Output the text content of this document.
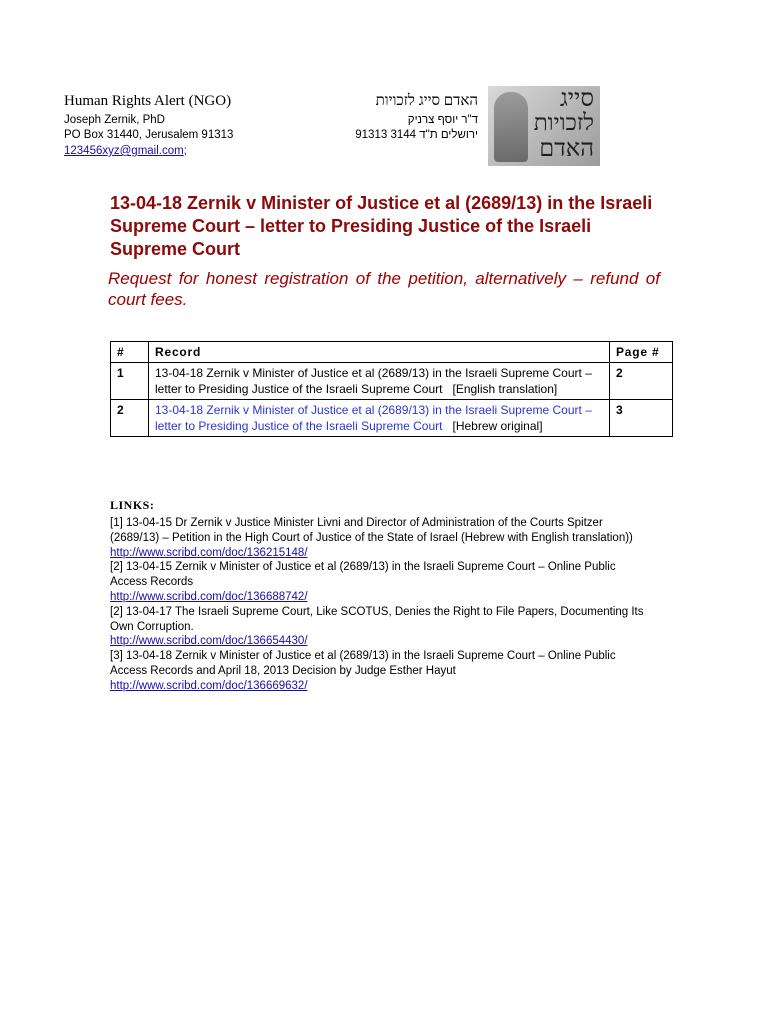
Human Rights Alert (NGO)
Joseph Zernik, PhD
PO Box 31440, Jerusalem 91313
123456xyz@gmail.com;
האדם סייג לזכויות
ד"ר יוסף צרניק
ירושלים ת"ד 3144 91313
סייג
לזכויות
האדם
13-04-18 Zernik v Minister of Justice et al (2689/13) in the Israeli Supreme Court – letter to Presiding Justice of the Israeli Supreme Court
Request for honest registration of the petition, alternatively – refund of court fees.
#	Record	Page #
1	13-04-18 Zernik v Minister of Justice et al (2689/13) in the Israeli Supreme Court – letter to Presiding Justice of the Israeli Supreme Court [English translation]	2
2	13-04-18 Zernik v Minister of Justice et al (2689/13) in the Israeli Supreme Court – letter to Presiding Justice of the Israeli Supreme Court [Hebrew original]	3
LINKS:
[1] 13-04-15 Dr Zernik v Justice Minister Livni and Director of Administration of the Courts Spitzer (2689/13) – Petition in the High Court of Justice of the State of Israel (Hebrew with English translation))
http://www.scribd.com/doc/136215148/
[2] 13-04-15 Zernik v Minister of Justice et al (2689/13) in the Israeli Supreme Court – Online Public Access Records
http://www.scribd.com/doc/136688742/
[2] 13-04-17 The Israeli Supreme Court, Like SCOTUS, Denies the Right to File Papers, Documenting Its Own Corruption.
http://www.scribd.com/doc/136654430/
[3] 13-04-18 Zernik v Minister of Justice et al (2689/13) in the Israeli Supreme Court – Online Public Access Records and April 18, 2013 Decision by Judge Esther Hayut
http://www.scribd.com/doc/136669632/
